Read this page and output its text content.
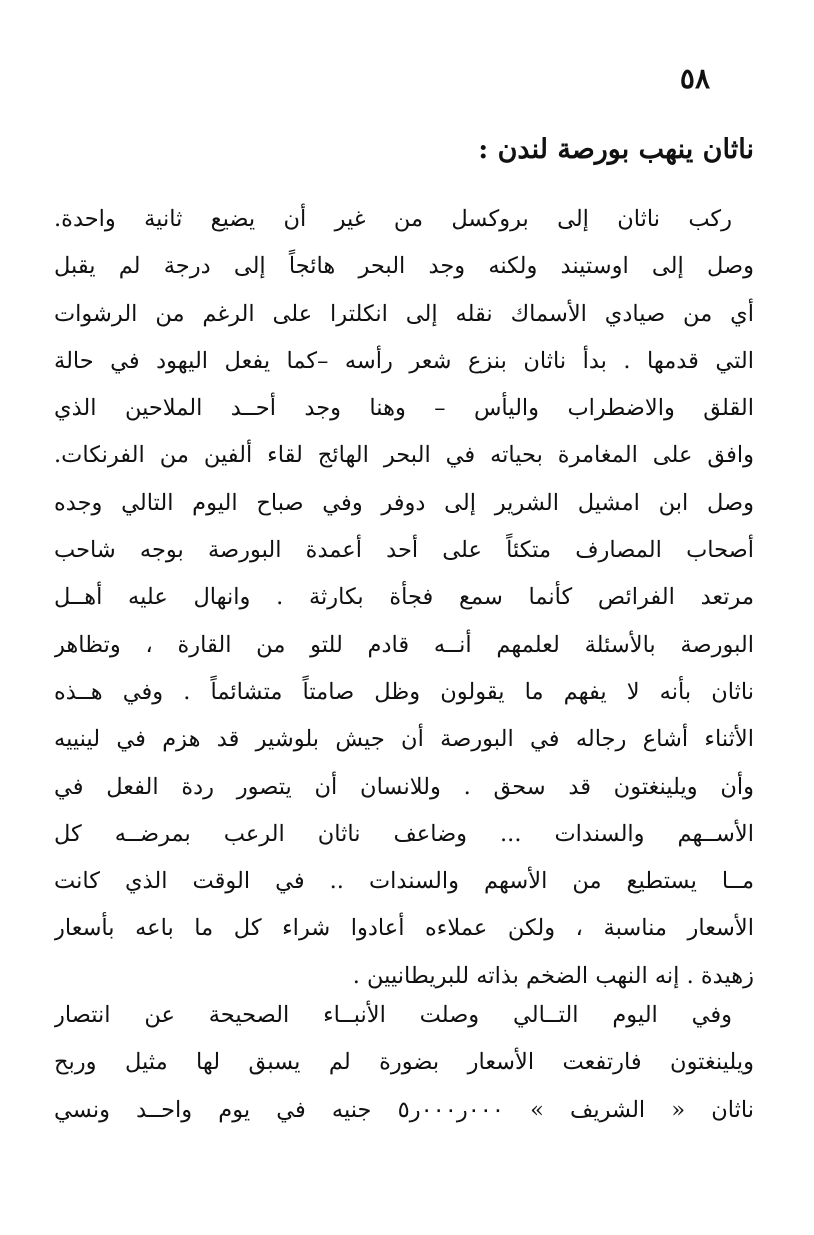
٥٨
ناثان ينهب بورصة لندن :
ركب ناثان إلى بروكسل من غير أن يضيع ثانية واحدة.
وصل إلى اوستيند ولكنه وجد البحر هائجاً إلى درجة لم يقبل
أي من صيادي الأسماك نقله إلى انكلترا على الرغم من الرشوات
التي قدمها . بدأ ناثان بنزع شعر رأسه –كما يفعل اليهود في حالة
القلق والاضطراب واليأس – وهنا وجد أحــد الملاحين الذي
وافق على المغامرة بحياته في البحر الهائج لقاء ألفين من الفرنكات.
وصل ابن امشيل الشرير إلى دوفر وفي صباح اليوم التالي وجده
أصحاب المصارف متكئاً على أحد أعمدة البورصة بوجه شاحب
مرتعد الفرائص كأنما سمع فجأة بكارثة . وانهال عليه أهــل
البورصة بالأسئلة لعلمهم أنــه قادم للتو من القارة ، وتظاهر
ناثان بأنه لا يفهم ما يقولون وظل صامتاً متشائماً . وفي هــذه
الأثناء أشاع رجاله في البورصة أن جيش بلوشير قد هزم في لينييه
وأن ويلينغتون قد سحق . وللانسان أن يتصور ردة الفعل في
الأســهم والسندات ... وضاعف ناثان الرعب بمرضــه كل
مــا يستطيع من الأسهم والسندات .. في الوقت الذي كانت
الأسعار مناسبة ، ولكن عملاءه أعادوا شراء كل ما باعه بأسعار
زهيدة . إنه النهب الضخم بذاته للبريطانيين .
وفي اليوم التــالي وصلت الأنبــاء الصحيحة عن انتصار
ويلينغتون فارتفعت الأسعار بضورة لم يسبق لها مثيل وربح
ناثان « الشريف » ٠٠٠ر٠٠٠ر٥ جنيه في يوم واحــد ونسي
